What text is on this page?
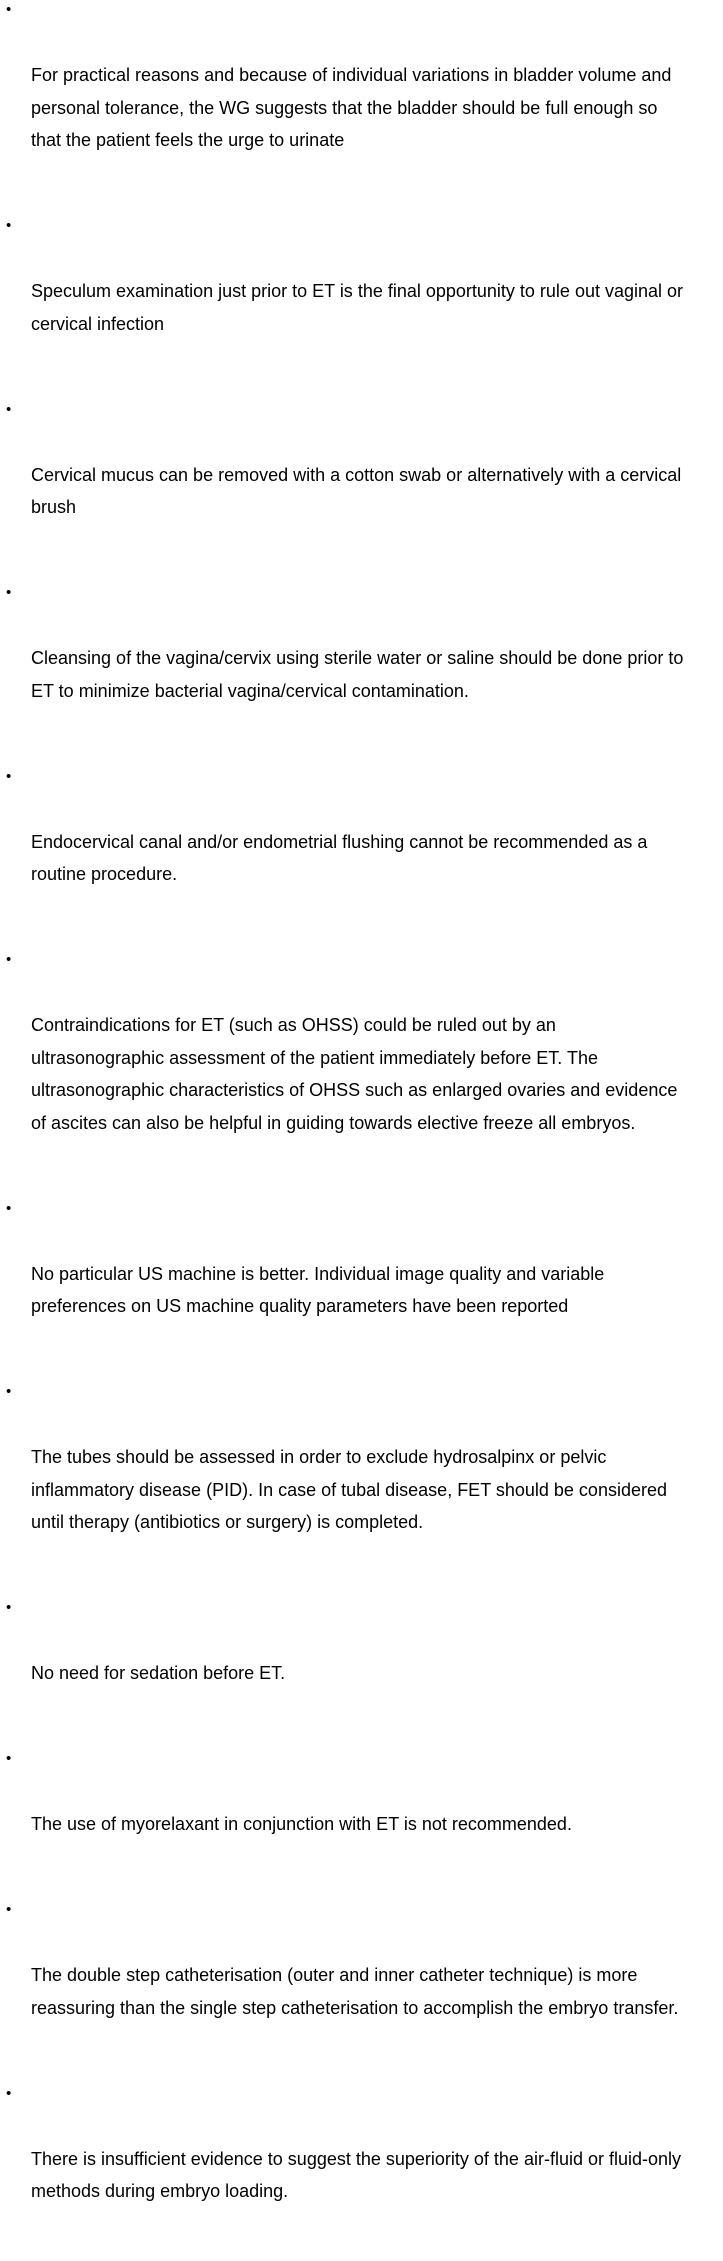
•

For practical reasons and because of individual variations in bladder volume and
personal tolerance, the WG suggests that the bladder should be full enough so
that the patient feels the urge to urinate

•

Speculum examination just prior to ET is the final opportunity to rule out vaginal or
cervical infection

•

Cervical mucus can be removed with a cotton swab or alternatively with a cervical
brush

•

Cleansing of the vagina/cervix using sterile water or saline should be done prior to
ET to minimize bacterial vagina/cervical contamination.

•

Endocervical canal and/or endometrial flushing cannot be recommended as a
routine procedure.

•

Contraindications for ET (such as OHSS) could be ruled out by an
ultrasonographic assessment of the patient immediately before ET. The
ultrasonographic characteristics of OHSS such as enlarged ovaries and evidence
of ascites can also be helpful in guiding towards elective freeze all embryos.

•

No particular US machine is better. Individual image quality and variable
preferences on US machine quality parameters have been reported

•

The tubes should be assessed in order to exclude hydrosalpinx or pelvic
inflammatory disease (PID). In case of tubal disease, FET should be considered
until therapy (antibiotics or surgery) is completed.

•

No need for sedation before ET.

•

The use of myorelaxant in conjunction with ET is not recommended.

•

The double step catheterisation (outer and inner catheter technique) is more
reassuring than the single step catheterisation to accomplish the embryo transfer.

•

There is insufficient evidence to suggest the superiority of the air-fluid or fluid-only
methods during embryo loading.
